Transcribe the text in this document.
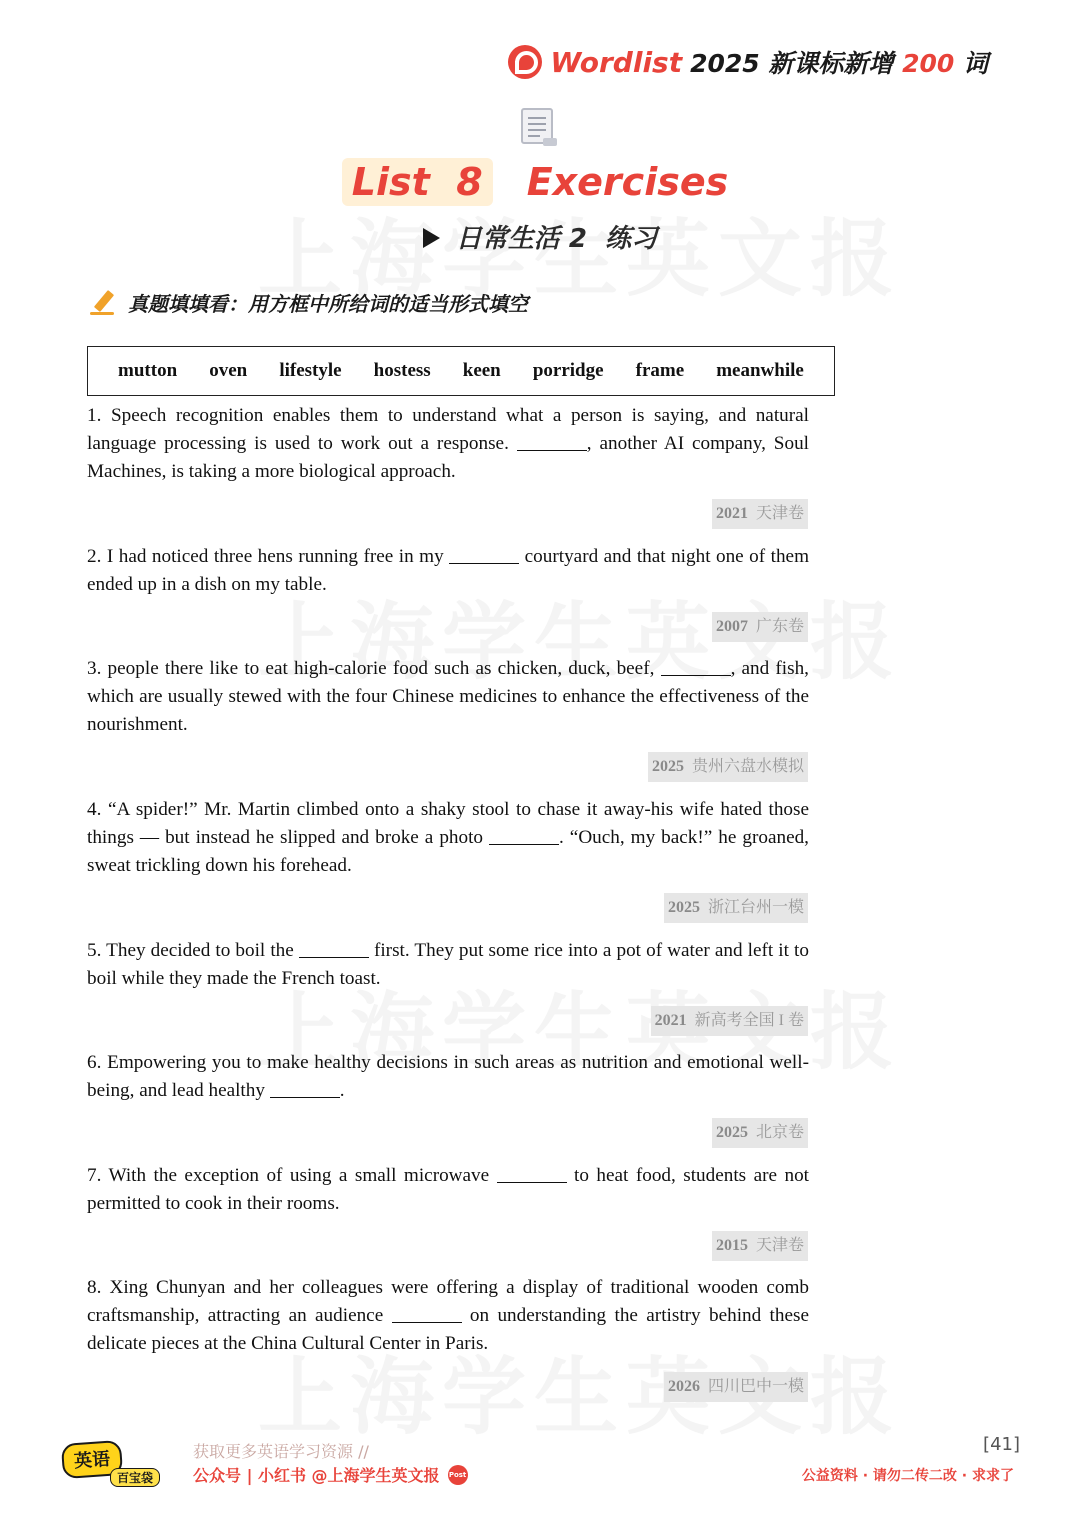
Wordlist 2025 新课标新增 200 词
List  8 Exercises
日常生活 2  练习
真题填填看：用方框中所给词的适当形式填空
mutton oven lifestyle hostess keen porridge frame meanwhile
1. Speech recognition enables them to understand what a person is saying, and natural language processing is used to work out a response.	, another AI company, Soul Machines, is taking a more biological approach.
2021 天津卷
2. I had noticed three hens running free in my	courtyard and that night one of them ended up in a dish on my table.
2007 广东卷
3. people there like to eat high-calorie food such as chicken, duck, beef,	, and fish, which are usually stewed with the four Chinese medicines to enhance the effectiveness of the nourishment.
2025 贵州六盘水模拟
4. “A spider!” Mr. Martin climbed onto a shaky stool to chase it away-his wife hated those things — but instead he slipped and broke a photo	. “Ouch, my back!” he groaned, sweat trickling down his forehead.
2025 浙江台州一模
5. They decided to boil the	first. They put some rice into a pot of water and left it to boil while they made the French toast.
2021 新高考全国 I 卷
6. Empowering you to make healthy decisions in such areas as nutrition and emotional well-being, and lead healthy	.
2025 北京卷
7. With the exception of using a small microwave	to heat food, students are not permitted to cook in their rooms.
2015 天津卷
8. Xing Chunyan and her colleagues were offering a display of traditional wooden comb craftsmanship, attracting an audience	on understanding the artistry behind these delicate pieces at the China Cultural Center in Paris.
2026 四川巴中一模
英语
百宝袋
获取更多英语学习资源 //
公众号 | 小红书 @上海学生英文报 Post
[41]
公益资料 · 请勿二传二改 · 求求了
